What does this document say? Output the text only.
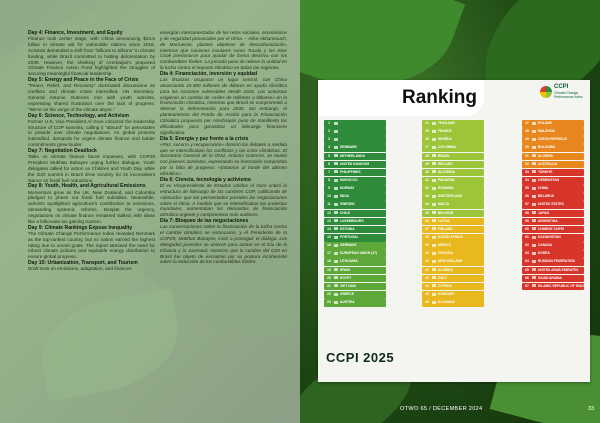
Day 4: Finance, Investment, and Equity

Finance took center stage, with China announcing $24.5 billion in climate aid for vulnerable nations since 2016. Activists demanded a shift from "billions to trillions" in climate funding, while Brazil committed to halting deforestation by 2030. However, the sheiking of Azerbaijan's proposed Climate Finance Action Fund highlighted the struggles of securing meaningful financial leadership.

Day 5: Energy and Peace in the Face of Crisis

"Peace, Relief, and Recovery" dominated discussions as conflicts and climate crises intensified. UN Secretary-General Antonio Guterres met with youth activists, expressing shared frustration over the lack of progress: "We're on the verge of the climate abyss."

Day 6: Science, Technology, and Activism

Former U.S. Vice President Al Gore criticized the leadership structure of COP summits, calling it "absurd" for petrostates to preside over climate negotiations. As global protests intensified, demands for urgent climate finance and bolder commitments grew louder.

Day 7: Negotiation Deadlock

Talks on climate finance faced impasses, with COP29 President Mukhtar Babayev urging further dialogue. Youth delegates rallied for action on Children and Youth Day, while the G20 summit in Brazil drew scrutiny for its inconsistent stance on fossil fuel reductions.

Day 8: Youth, Health, and Agricultural Emissions

Momentum grew as the UK, New Zealand, and Colombia pledged to phase out fossil fuel subsidies. Meanwhile, activists spotlighted agriculture's contribution to emissions, demanding systemic reforms. Despite the urgency, negotiations on climate finance remained stalled, with ideas like a billionaire tax gaining traction.

Day 9: Climate Rankings Expose Inequality

The Climate Change Performance Index revealed Denmark as the top-ranked country, but no nation earned the highest rating due to unmet goals. The report stressed the need for robust climate policies and equitable energy distribution to ensure global progress.

Day 10: Urbanization, Transport, and Tourism

Draft texts on emissions, adaptation, and finances

emergían interconectadas de los retos sociales, económicos y de seguridad provocados por el clima. – Alice Akhannouch, de Marruecos, planteó objetivos de descarbonización, mientras que naciones insulares como Tuvalu y las Islas Cook presionaron para ayudar de forma decisiva con los combustibles fósiles. La jornada puso de relieve la unidad en la lucha contra el impacto climático en todas las regiones.

Día 4: Financiación, inversión y equidad

Las finanzas ocuparon un lugar central, con China anunciando 24.500 millones de dólares en ayuda climática para las naciones vulnerables desde 2016. Los activistas exigieron un cambio de «miles de millones a billones» en la financiación climática, mientras que Brasil se comprometió a detener la deforestación para 2030. Sin embargo, el planteamiento del Fondo de Acción para la Financiación Climática propuesto por Azerbaiyán puso de manifiesto las dificultades para garantizar un liderazgo financiero significativo.

Día 5: Energía y paz frente a la crisis

«Paz, socorro y recuperación» dominó los debates a medida que se intensificaban los conflictos y las crisis climáticas. El Secretario General de la ONU, Antonio Guterres, se reunió con jóvenes activistas, expresando su frustración compartida por la falta de progreso: «Estamos al borde del abismo climático».

Día 6: Ciencia, tecnología y activismo

El ex Vicepresidente de Estados Unidos Al Gore criticó la estructura de liderazgo de las cumbres COP, calificando de «absurdo» que los petroestados presiden las negociaciones sobre el clima. A medida que se intensificaban las protestas mundiales, aumentaban las demandas de financiación climática urgente y compromisos más audaces.

Día 7: Bloqueo de las negociaciones

Las conversaciones sobre la financiación de la lucha contra el cambio climático se estancaron, y el Presidente de la COP29, Mukhtar Babayev, instó a proseguir el diálogo. Los delegados juveniles se unieron para actuar en el Día de la Infancia y la Juventud, mientras que la cumbre del G20 en Brasil fue objeto de escrutinio por su postura incoherente sobre la reducción de los combustibles fósiles.

Ranking	CCPI
Climate Change Performance Index
1
2
3
4	DENMARK
5	NETHERLANDS
6	UNITED KINGDOM
7	PHILIPPINES
8	MOROCCO
9	NORWAY
10	INDIA
11	SWEDEN
12	CHILE
13	LUXEMBOURG
14	ESTONIA
15	PORTUGAL
16	GERMANY
17	EUROPEAN UNION (27)
18	LITHUANIA
19	SPAIN
20	EGYPT
21	VIET NAM
22	GREECE
23	AUSTRIA
24	THAILAND
25	FRANCE
26	NIGERIA
27	COLOMBIA
28	BRAZIL
29	IRELAND
30	SLOVENIA
31	PAKISTAN
32	ROMANIA
33	SWITZERLAND
34	MALTA
35	BELGIUM
36	LATVIA
37	FINLAND
38	SOUTH AFRICA
39	MEXICO
40	CROATIA
41	NEW ZEALAND
42	ALGERIA
43	ITALY
44	CYPRUS
45	HUNGARY
46	SLOVAKIA
47	POLAND
48	MALAYSIA
49	CZECH REPUBLIC
50	BULGARIA
51	ALGERIA
52	AUSTRALIA
53	TÜRKIYE
54	UZBEKISTAN
55	CHINA
56	BELARUS
57	UNITED STATES
58	JAPAN
59	ARGENTINA
60	CHINESE TAIPEI
61	KAZAKHSTAN
62	CANADA
63	KOREA
64	RUSSIAN FEDERATION
65	UNITED ARAB EMIRATES
66	SAUDI ARABIA
67	ISLAMIC REPUBLIC OF IRAN
CCPI 2025
OTWO 65 / DECEMBER 2024	33
